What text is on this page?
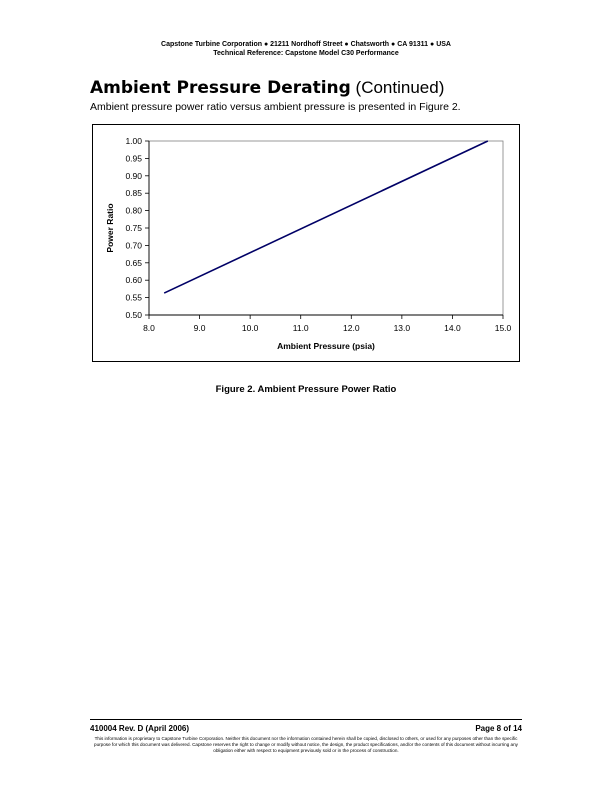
Capstone Turbine Corporation ● 21211 Nordhoff Street ● Chatsworth ● CA 91311 ● USA
Technical Reference: Capstone Model C30 Performance
Ambient Pressure Derating (Continued)
Ambient pressure power ratio versus ambient pressure is presented in Figure 2.
1.00
0.95
0.90
0.85
0.80
0.75
0.70
0.65
0.60
0.55
0.50
8.0	9.0	10.0	11.0	12.0	13.0	14.0	15.0
Ambient Pressure (psia)
Power Ratio
Figure 2. Ambient Pressure Power Ratio
410004 Rev. D (April 2006)	Page 8 of 14
This information is proprietary to Capstone Turbine Corporation. Neither this document nor the information contained herein shall be copied, disclosed to others, or used for any purposes other than the specific purpose for which this document was delivered. Capstone reserves the right to change or modify without notice, the design, the product specifications, and/or the contents of this document without incurring any obligation either with respect to equipment previously sold or in the process of construction.
